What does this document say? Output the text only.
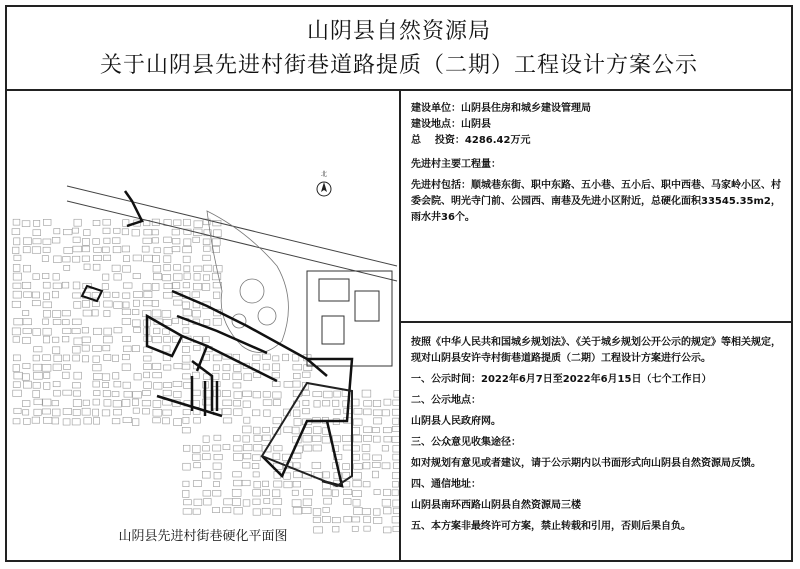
山阴县自然资源局
关于山阴县先进村街巷道路提质（二期）工程设计方案公示
北
山阴县先进村街巷硬化平面图
建设单位：山阴县住房和城乡建设管理局
建设地点：山阴县
总    投资：4286.42万元
先进村主要工程量：
先进村包括：顺城巷东街、职中东路、五小巷、五小后、职中西巷、马家岭小区、村委会院、明光寺门前、公园西、南巷及先进小区附近，总硬化面积33545.35m2，雨水井36个。
按照《中华人民共和国城乡规划法》、《关于城乡规划公开公示的规定》等相关规定，现对山阴县安许寺村街巷道路提质（二期）工程设计方案进行公示。
一、公示时间：2022年6月7日至2022年6月15日（七个工作日）
二、公示地点：
山阴县人民政府网。
三、公众意见收集途径：
如对规划有意见或者建议，请于公示期内以书面形式向山阴县自然资源局反馈。
四、通信地址：
山阴县南环西路山阴县自然资源局三楼
五、本方案非最终许可方案，禁止转载和引用，否则后果自负。
